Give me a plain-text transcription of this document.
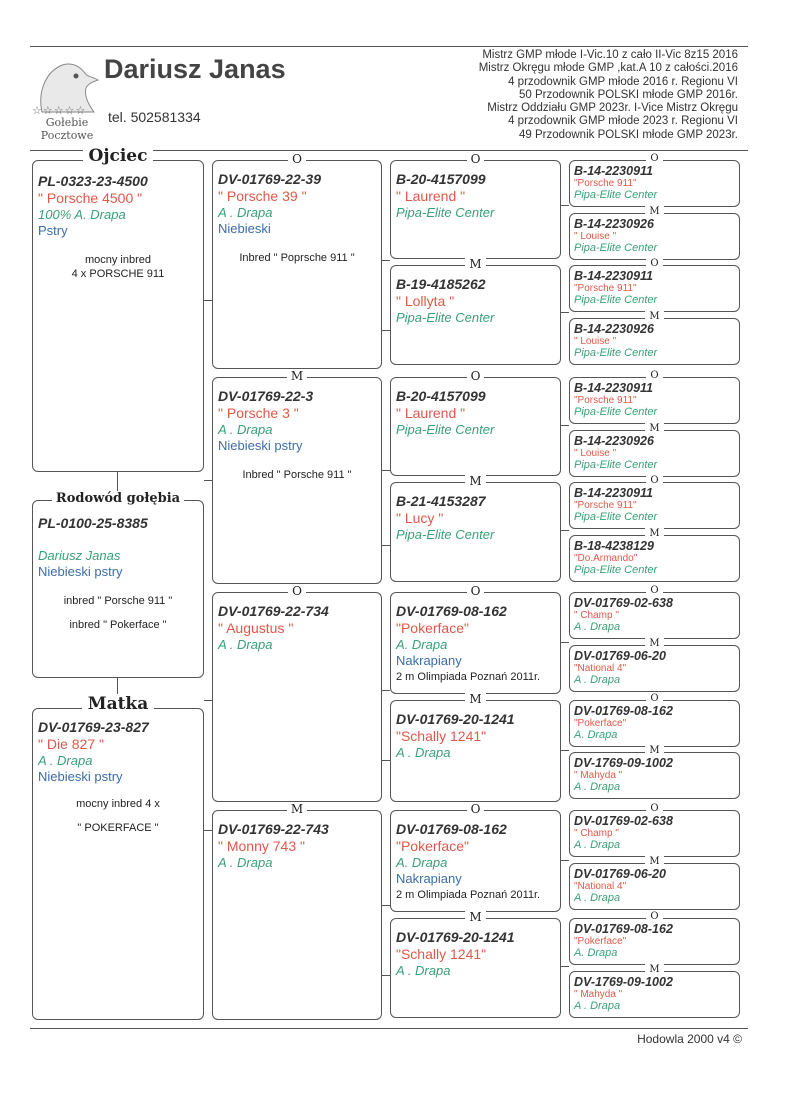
☆☆☆☆☆
Gołebie Pocztowe
Dariusz Janas
tel. 502581334
Mistrz GMP młode I-Vic.10 z cało II-Vic 8z15 2016
Mistrz Okręgu młode GMP ,kat.A 10 z całości.2016
4 przodownik GMP młode 2016 r. Regionu VI
50 Przodownik POLSKI młode GMP 2016r.
Mistrz Oddziału GMP 2023r. I-Vice Mistrz Okręgu
4 przodownik GMP młode 2023 r. Regionu VI
49 Przodownik POLSKI młode GMP 2023r.
Ojciec
PL-0323-23-4500
" Porsche 4500 "
100% A. Drapa
Pstry
mocny inbred
4 x PORSCHE 911
Rodowód gołębia
PL-0100-25-8385
Dariusz Janas
Niebieski pstry
inbred " Porsche 911 "
inbred " Pokerface "
Matka
DV-01769-23-827
" Die 827 "
A . Drapa
Niebieski pstry
mocny inbred 4 x
" POKERFACE "
O
DV-01769-22-39
" Porsche 39 "
A . Drapa
Niebieski
Inbred " Poprsche 911 "
M
DV-01769-22-3
" Porsche 3 "
A . Drapa
Niebieski pstry
Inbred " Porsche 911 "
O
DV-01769-22-734
" Augustus "
A . Drapa
M
DV-01769-22-743
" Monny 743 "
A . Drapa
O
B-20-4157099
" Laurend "
Pipa-Elite Center
M
B-19-4185262
" Lollyta "
Pipa-Elite Center
O
B-20-4157099
" Laurend "
Pipa-Elite Center
M
B-21-4153287
" Lucy "
Pipa-Elite Center
O
DV-01769-08-162
"Pokerface"
A. Drapa
Nakrapiany
2 m Olimpiada Poznań 2011r.
M
DV-01769-20-1241
"Schally 1241"
A . Drapa
O
DV-01769-08-162
"Pokerface"
A. Drapa
Nakrapiany
2 m Olimpiada Poznań 2011r.
M
DV-01769-20-1241
"Schally 1241"
A . Drapa
O
B-14-2230911
"Porsche 911"
Pipa-Elite Center
M
B-14-2230926
" Louise "
Pipa-Elite Center
O
B-14-2230911
"Porsche 911"
Pipa-Elite Center
M
B-14-2230926
" Louise "
Pipa-Elite Center
O
B-14-2230911
"Porsche 911"
Pipa-Elite Center
M
B-14-2230926
" Louise "
Pipa-Elite Center
O
B-14-2230911
"Porsche 911"
Pipa-Elite Center
M
B-18-4238129
"Do.Armando"
Pipa-Elite Center
O
DV-01769-02-638
" Champ "
A . Drapa
M
DV-01769-06-20
"National 4"
A . Drapa
O
DV-01769-08-162
"Pokerface"
A. Drapa
M
DV-1769-09-1002
" Mahyda "
A . Drapa
O
DV-01769-02-638
" Champ "
A . Drapa
M
DV-01769-06-20
"National 4"
A . Drapa
O
DV-01769-08-162
"Pokerface"
A. Drapa
M
DV-1769-09-1002
" Mahyda "
A . Drapa
Hodowla 2000 v4 ©
